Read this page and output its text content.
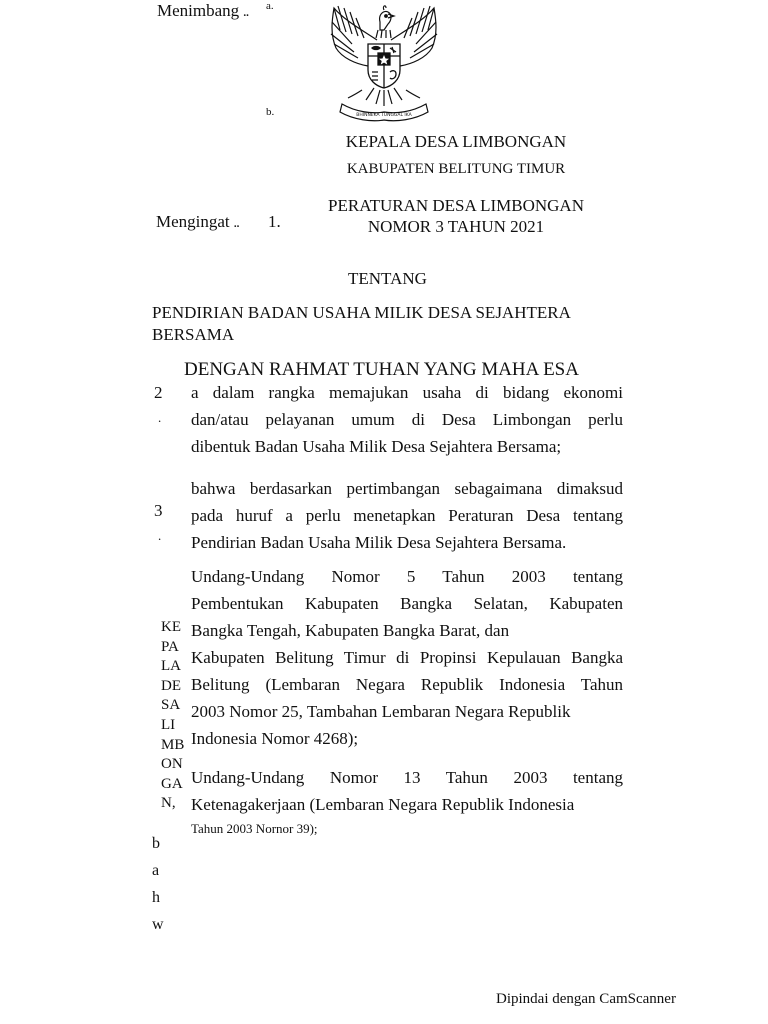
Menimbang ..
a.
b.
Mengingat .. 1.
BHINNEKA TUNGGAL IKA
KEPALA DESA LIMBONGAN
KABUPATEN BELITUNG TIMUR
PERATURAN DESA LIMBONGAN
NOMOR 3 TAHUN 2021
TENTANG
PENDIRIAN BADAN USAHA MILIK DESA SEJAHTERA
BERSAMA
DENGAN RAHMAT TUHAN YANG MAHA ESA
2
.
3
.
a dalam rangka memajukan usaha di bidang ekonomi
dan/atau pelayanan umum di Desa Limbongan perlu
dibentuk Badan Usaha Milik Desa Sejahtera Bersama;
bahwa berdasarkan pertimbangan sebagaimana dimaksud
pada huruf a perlu menetapkan Peraturan Desa tentang
Pendirian Badan Usaha Milik Desa Sejahtera Bersama.
Undang-Undang Nomor 5 Tahun 2003 tentang
Pembentukan Kabupaten Bangka Selatan, Kabupaten
Bangka Tengah, Kabupaten Bangka Barat, dan
Kabupaten Belitung Timur di Propinsi Kepulauan Bangka
Belitung (Lembaran Negara Republik Indonesia Tahun
2003 Nomor 25, Tambahan Lembaran Negara Republik
Indonesia Nomor 4268);
Undang-Undang Nomor 13 Tahun 2003 tentang
Ketenagakerjaan (Lembaran Negara Republik Indonesia
Tahun 2003 Nornor 39);
KE
PA
LA
DE
SA
LI
MB
ON
GA
N,
b
a
h
w
Dipindai dengan CamScanner
